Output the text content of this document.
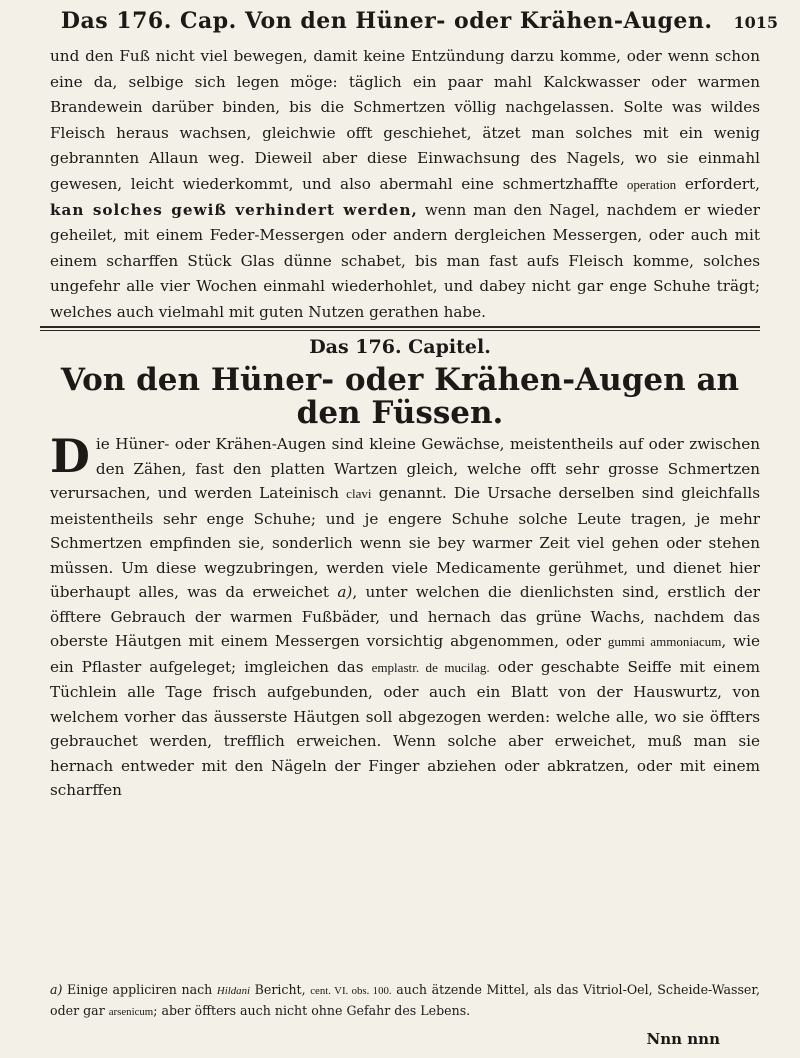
Das 176. Cap. Von den Hüner- oder Krähen-Augen.	1015

und den Fuß nicht viel bewegen, damit keine Entzündung darzu komme, oder wenn schon eine da, selbige sich legen möge: täglich ein paar mahl Kalckwasser oder warmen Brandewein darüber binden, bis die Schmertzen völlig nachgelassen. Solte was wildes Fleisch heraus wachsen, gleichwie offt geschiehet, ätzet man solches mit ein wenig gebrannten Allaun weg. Dieweil aber diese Einwachsung des Nagels, wo sie einmahl gewesen, leicht wiederkommt, und also abermahl eine schmertzhaffte operation erfordert, kan solches gewiß verhindert werden, wenn man den Nagel, nachdem er wieder geheilet, mit einem Feder-Messergen oder andern dergleichen Messergen, oder auch mit einem scharffen Stück Glas dünne schabet, bis man fast aufs Fleisch komme, solches ungefehr alle vier Wochen einmahl wiederhohlet, und dabey nicht gar enge Schuhe trägt; welches auch vielmahl mit guten Nutzen gerathen habe.

Das 176. Capitel.
Von den Hüner- oder Krähen-Augen an
den Füssen.
Die Hüner- oder Krähen-Augen sind kleine Gewächse, meistentheils auf oder zwischen den Zähen, fast den platten Wartzen gleich, welche offt sehr grosse Schmertzen verursachen, und werden Lateinisch clavi genannt. Die Ursache derselben sind gleichfalls meistentheils sehr enge Schuhe; und je engere Schuhe solche Leute tragen, je mehr Schmertzen empfinden sie, sonderlich wenn sie bey warmer Zeit viel gehen oder stehen müssen. Um diese wegzubringen, werden viele Medicamente gerühmet, und dienet hier überhaupt alles, was da erweichet a), unter welchen die dienlichsten sind, erstlich der öfftere Gebrauch der warmen Fußbäder, und hernach das grüne Wachs, nachdem das oberste Häutgen mit einem Messergen vorsichtig abgenommen, oder gummi ammoniacum, wie ein Pflaster aufgeleget; imgleichen das emplastr. de mucilag. oder geschabte Seiffe mit einem Tüchlein alle Tage frisch aufgebunden, oder auch ein Blatt von der Hauswurtz, von welchem vorher das äusserste Häutgen soll abgezogen werden: welche alle, wo sie öffters gebrauchet werden, trefflich erweichen. Wenn solche aber erweichet, muß man sie hernach entweder mit den Nägeln der Finger abziehen oder abkratzen, oder mit einem scharffen
a) Einige appliciren nach Hildani Bericht, cent. VI. obs. 100. auch ätzende Mittel, als das Vitriol-Oel, Scheide-Wasser, oder gar arsenicum; aber öffters auch nicht ohne Gefahr des Lebens.
Nnn nnn
